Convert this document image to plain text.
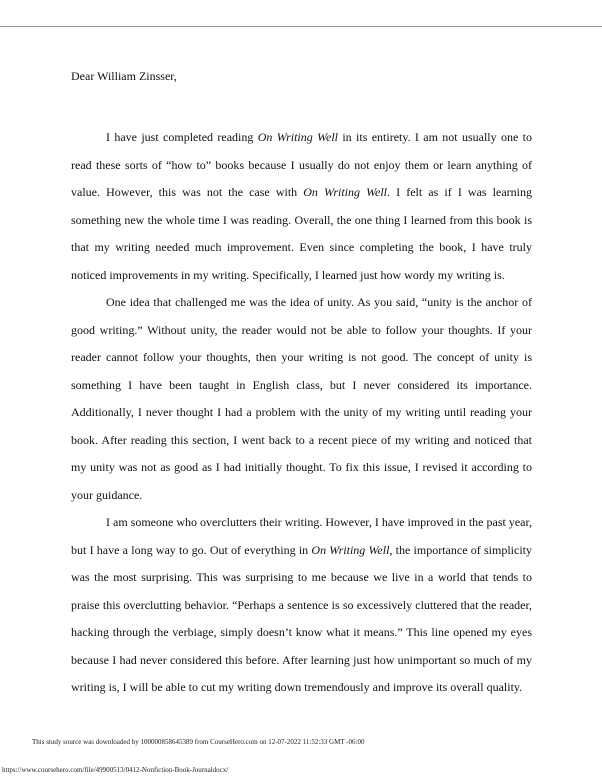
Dear William Zinsser,

I have just completed reading On Writing Well in its entirety. I am not usually one to read these sorts of “how to” books because I usually do not enjoy them or learn anything of value. However, this was not the case with On Writing Well. I felt as if I was learning something new the whole time I was reading. Overall, the one thing I learned from this book is that my writing needed much improvement. Even since completing the book, I have truly noticed improvements in my writing. Specifically, I learned just how wordy my writing is.

One idea that challenged me was the idea of unity. As you said, “unity is the anchor of good writing.” Without unity, the reader would not be able to follow your thoughts. If your reader cannot follow your thoughts, then your writing is not good. The concept of unity is something I have been taught in English class, but I never considered its importance. Additionally, I never thought I had a problem with the unity of my writing until reading your book. After reading this section, I went back to a recent piece of my writing and noticed that my unity was not as good as I had initially thought. To fix this issue, I revised it according to your guidance.

I am someone who overclutters their writing. However, I have improved in the past year, but I have a long way to go. Out of everything in On Writing Well, the importance of simplicity was the most surprising. This was surprising to me because we live in a world that tends to praise this overclutting behavior. “Perhaps a sentence is so excessively cluttered that the reader, hacking through the verbiage, simply doesn’t know what it means.” This line opened my eyes because I had never considered this before. After learning just how unimportant so much of my writing is, I will be able to cut my writing down tremendously and improve its overall quality.

This study source was downloaded by 100000858645389 from CourseHero.com on 12-07-2022 11:52:33 GMT -06:00
https://www.coursehero.com/file/49900513/0412-Nonfiction-Book-Journaldocx/
